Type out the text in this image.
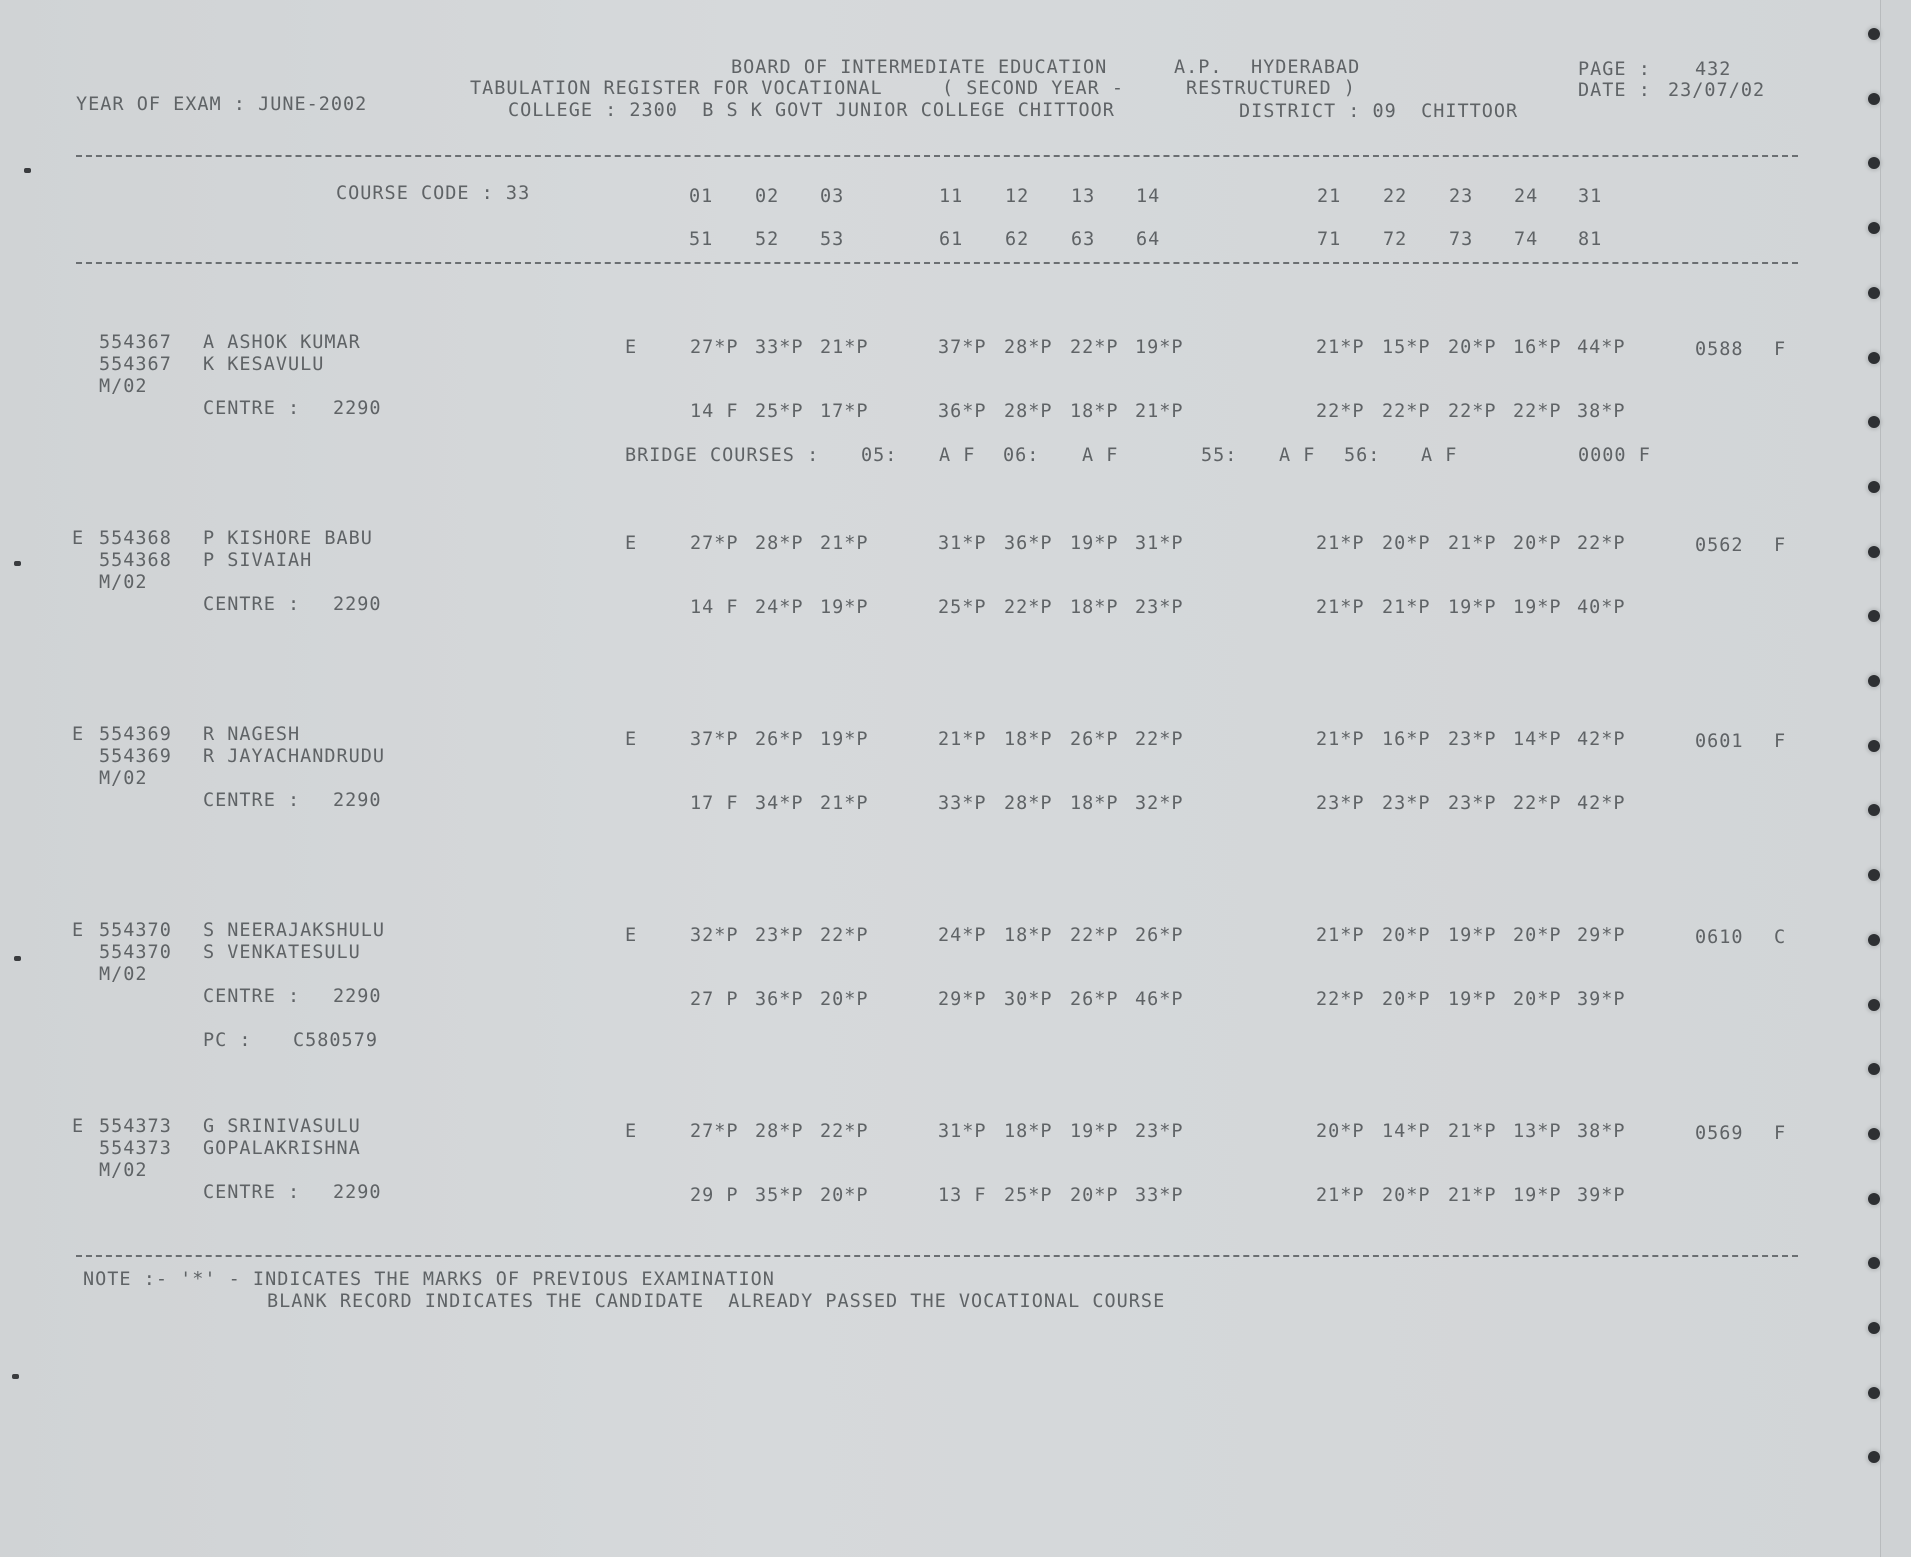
BOARD OF INTERMEDIATE EDUCATION	A.P. HYDERABAD	PAGE : 432
TABULATION REGISTER FOR VOCATIONAL	( SECOND YEAR -	RESTRUCTURED )	DATE : 23/07/02
YEAR OF EXAM : JUNE-2002	COLLEGE : 2300  B S K GOVT JUNIOR COLLEGE CHITTOOR	DISTRICT : 09  CHITTOOR
COURSE CODE : 33	01 02 03	11 12 13 14	21 22 23 24 31
51 52 53	61 62 63 64	71 72 73 74 81
554367 A ASHOK KUMAR
554367 K KESAVULU
M/02
CENTRE : 2290
E	27*P 33*P 21*P	37*P 28*P 22*P 19*P	21*P 15*P 20*P 16*P 44*P
14 F 25*P 17*P	36*P 28*P 18*P 21*P	22*P 22*P 22*P 22*P 38*P
0588 F
BRIDGE COURSES : 05: A F 06: A F	55: A F 56: A F	0000 F
E 554368 P KISHORE BABU
554368 P SIVAIAH
M/02
CENTRE : 2290
E	27*P 28*P 21*P	31*P 36*P 19*P 31*P	21*P 20*P 21*P 20*P 22*P
14 F 24*P 19*P	25*P 22*P 18*P 23*P	21*P 21*P 19*P 19*P 40*P
0562 F
E 554369 R NAGESH
554369 R JAYACHANDRUDU
M/02
CENTRE : 2290
E	37*P 26*P 19*P	21*P 18*P 26*P 22*P	21*P 16*P 23*P 14*P 42*P
17 F 34*P 21*P	33*P 28*P 18*P 32*P	23*P 23*P 23*P 22*P 42*P
0601 F
E 554370 S NEERAJAKSHULU
554370 S VENKATESULU
M/02
CENTRE : 2290
E	32*P 23*P 22*P	24*P 18*P 22*P 26*P	21*P 20*P 19*P 20*P 29*P
27 P 36*P 20*P	29*P 30*P 26*P 46*P	22*P 20*P 19*P 20*P 39*P
0610 C
PC : C580579
E 554373 G SRINIVASULU
554373 GOPALAKRISHNA
M/02
CENTRE : 2290
E	27*P 28*P 22*P	31*P 18*P 19*P 23*P	20*P 14*P 21*P 13*P 38*P
29 P 35*P 20*P	13 F 25*P 20*P 33*P	21*P 20*P 21*P 19*P 39*P
0569 F
NOTE :- '*' - INDICATES THE MARKS OF PREVIOUS EXAMINATION
BLANK RECORD INDICATES THE CANDIDATE  ALREADY PASSED THE VOCATIONAL COURSE
